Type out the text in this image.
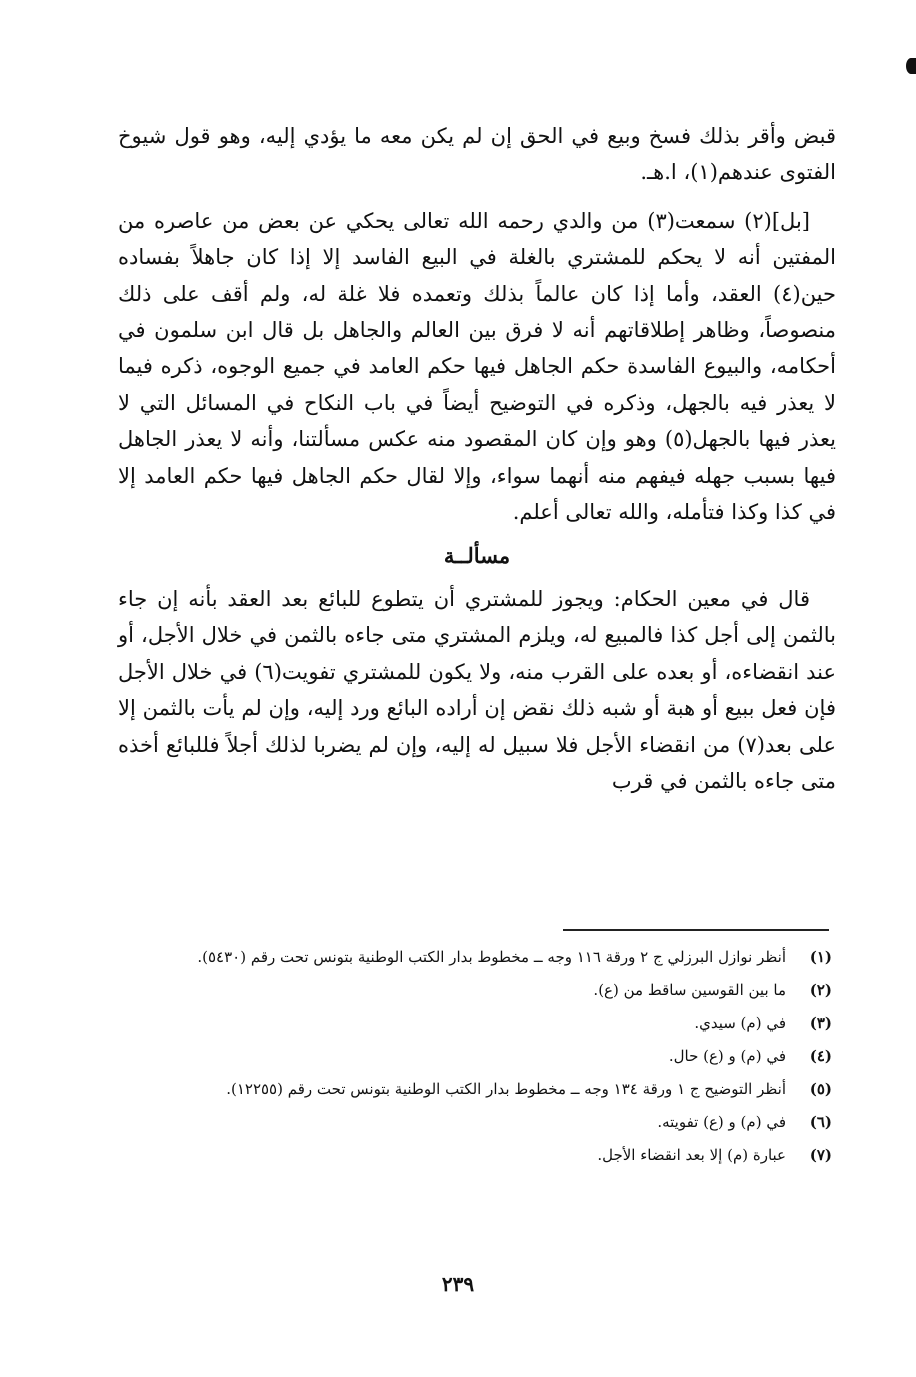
قبض وأقر بذلك فسخ وبيع في الحق إن لم يكن معه ما يؤدي إليه، وهو قول شيوخ الفتوى عندهم(١)، ا.هـ.

[بل](٢) سمعت(٣) من والدي رحمه الله تعالى يحكي عن بعض من عاصره من المفتين أنه لا يحكم للمشتري بالغلة في البيع الفاسد إلا إذا كان جاهلاً بفساده حين(٤) العقد، وأما إذا كان عالماً بذلك وتعمده فلا غلة له، ولم أقف على ذلك منصوصاً، وظاهر إطلاقاتهم أنه لا فرق بين العالم والجاهل بل قال ابن سلمون في أحكامه، والبيوع الفاسدة حكم الجاهل فيها حكم العامد في جميع الوجوه، ذكره فيما لا يعذر فيه بالجهل، وذكره في التوضيح أيضاً في باب النكاح في المسائل التي لا يعذر فيها بالجهل(٥) وهو وإن كان المقصود منه عكس مسألتنا، وأنه لا يعذر الجاهل فيها بسبب جهله فيفهم منه أنهما سواء، وإلا لقال حكم الجاهل فيها حكم العامد إلا في كذا وكذا فتأمله، والله تعالى أعلم.

مسألــة

قال في معين الحكام: ويجوز للمشتري أن يتطوع للبائع بعد العقد بأنه إن جاء بالثمن إلى أجل كذا فالمبيع له، ويلزم المشتري متى جاءه بالثمن في خلال الأجل، أو عند انقضاءه، أو بعده على القرب منه، ولا يكون للمشتري تفويت(٦) في خلال الأجل فإن فعل ببيع أو هبة أو شبه ذلك نقض إن أراده البائع ورد إليه، وإن لم يأت بالثمن إلا على بعد(٧) من انقضاء الأجل فلا سبيل له إليه، وإن لم يضربا لذلك أجلاً فللبائع أخذه متى جاءه بالثمن في قرب

(١)
أنظر نوازل البرزلي ج ٢ ورقة ١١٦ وجه ــ مخطوط بدار الكتب الوطنية بتونس تحت رقم (٥٤٣٠).
(٢)
ما بين القوسين ساقط من (ع).
(٣)
في (م) سيدي.
(٤)
في (م) و (ع) حال.
(٥)
أنظر التوضيح ج ١ ورقة ١٣٤ وجه ــ مخطوط بدار الكتب الوطنية بتونس تحت رقم (١٢٢٥٥).
(٦)
في (م) و (ع) تفويته.
(٧)
عبارة (م) إلا بعد انقضاء الأجل.
٢٣٩
